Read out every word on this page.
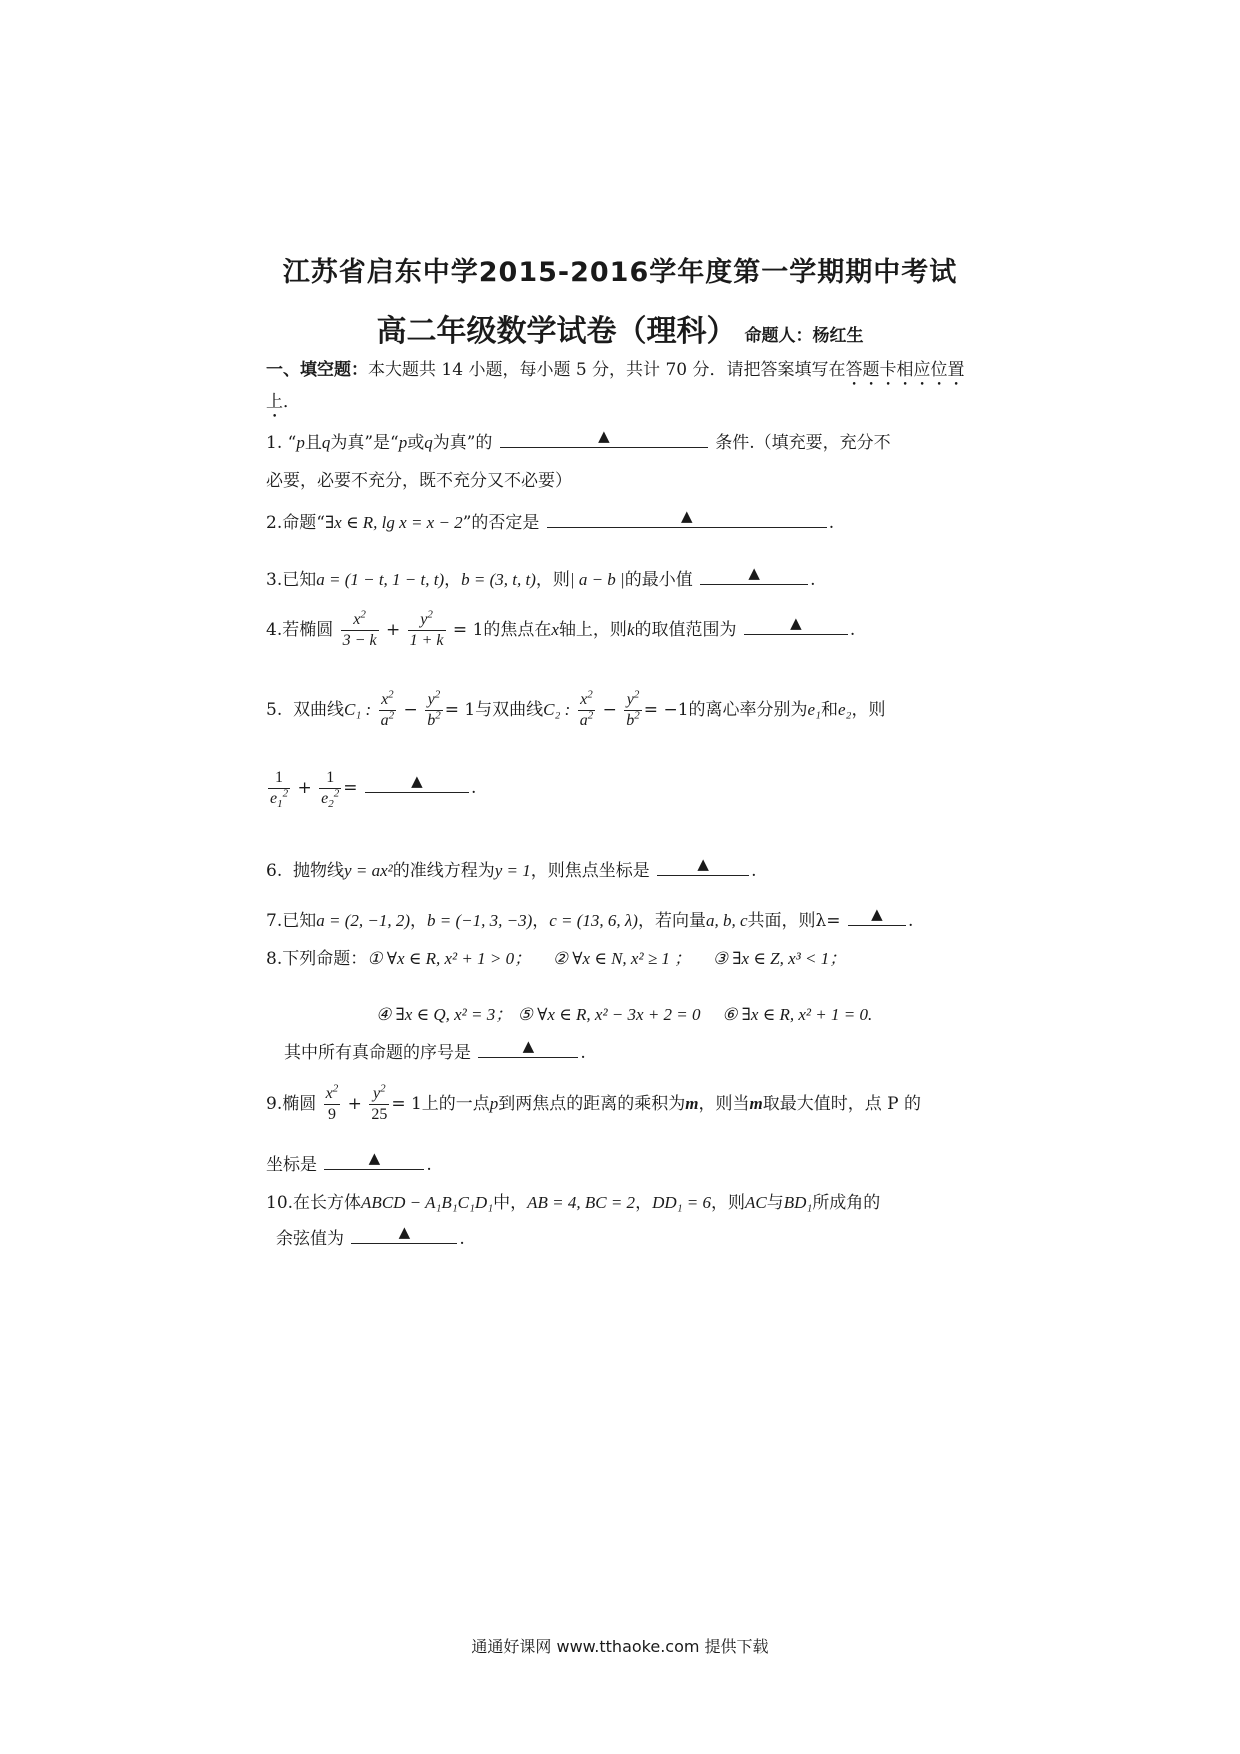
江苏省启东中学2015-2016学年度第一学期期中考试
高二年级数学试卷（理科） 命题人：杨红生
一、填空题：本大题共 14 小题，每小题 5 分，共计 70 分．请把答案填写在答题卡相应位置上．
1. “p且q为真”是“p或q为真”的	▲	条件.（填充要，充分不
必要，必要不充分，既不充分又不必要）
2.命题“∃x ∈ R, lg x = x − 2”的否定是	▲	.
3.已知a = (1 − t, 1 − t, t)，b = (3, t, t)，则| a − b |的最小值	▲	.
4.若椭圆 $\frac{x^2}{3 - k} + \frac{y^2}{1 + k} = 1$的焦点在x轴上，则k的取值范围为	▲	.
5. 双曲线C₁ : $\frac{x^2}{a^2} - \frac{y^2}{b^2} = 1$与双曲线C₂ : $\frac{x^2}{a^2} - \frac{y^2}{b^2} = -1$的离心率分别为e₁和e₂，则
$\frac{1}{e_1^2} + \frac{1}{e_2^2}$ =	▲	.
6. 抛物线y = ax²的准线方程为y = 1，则焦点坐标是	▲ .
7.已知a = (2, −1, 2)，b = (−1, 3, −3)，c = (13, 6, λ)，若向量a, b, c共面，则λ= ▲ .
8.下列命题：① ∀x ∈ R, x² + 1 > 0； ② ∀x ∈ N, x² ≥ 1 ； ③ ∃x ∈ Z, x³ < 1；
④ ∃x ∈ Q, x² = 3； ⑤ ∀x ∈ R, x² − 3x + 2 = 0 ⑥ ∃x ∈ R, x² + 1 = 0.
其中所有真命题的序号是	▲	.
9.椭圆 $\frac{x^2}{9} + \frac{y^2}{25} = 1$上的一点p到两焦点的距离的乘积为m，则当m取最大值时，点 P 的
坐标是	▲	.
10.在长方体ABCD − A₁B₁C₁D₁中，AB = 4, BC = 2，DD₁ = 6，则AC与BD₁所成角的
余弦值为	▲	.
通通好课网 www.tthaoke.com 提供下载
